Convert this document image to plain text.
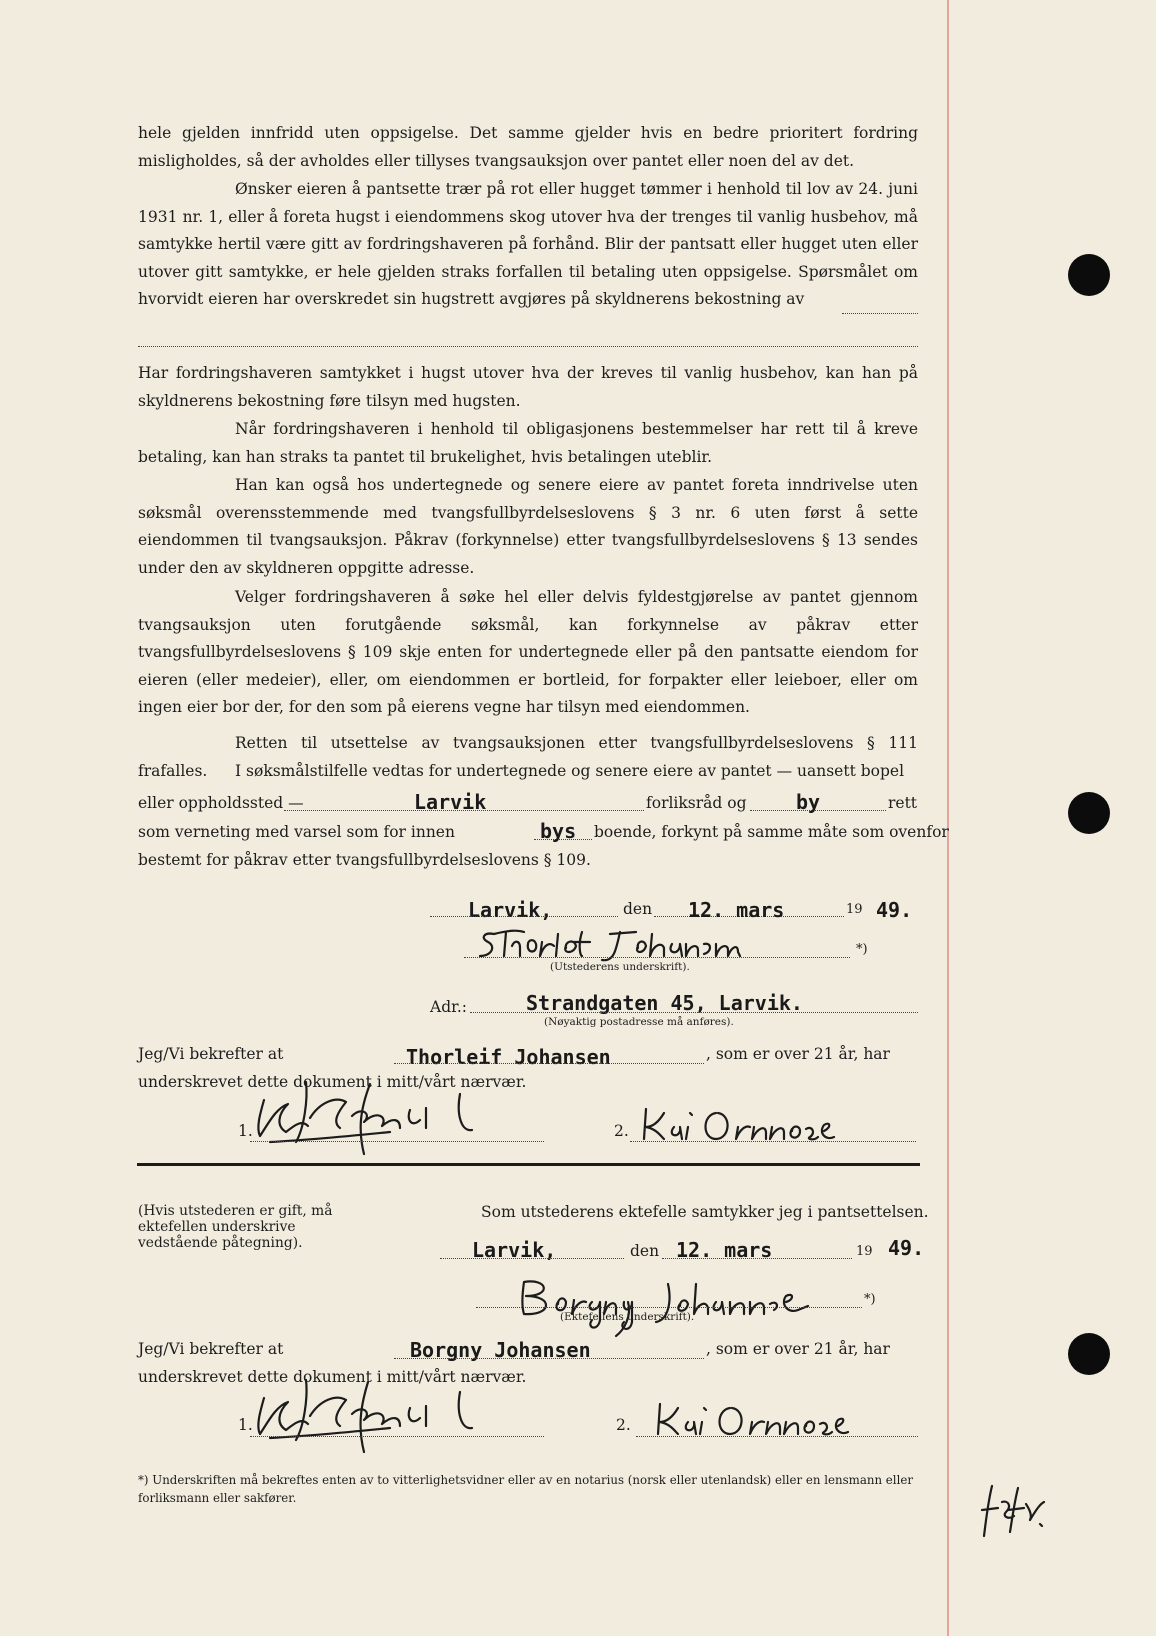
hele gjelden innfridd uten oppsigelse. Det samme gjelder hvis en bedre prioritert fordring misligholdes, så der avholdes eller tillyses tvangsauksjon over pantet eller noen del av det.
Ønsker eieren å pantsette trær på rot eller hugget tømmer i henhold til lov av 24. juni 1931 nr. 1, eller å foreta hugst i eiendommens skog utover hva der trenges til vanlig husbehov, må samtykke hertil være gitt av fordringshaveren på forhånd. Blir der pantsatt eller hugget uten eller utover gitt samtykke, er hele gjelden straks forfallen til betaling uten oppsigelse. Spørsmålet om hvorvidt eieren har overskredet sin hugstrett avgjøres på skyldnerens bekostning av
Har fordringshaveren samtykket i hugst utover hva der kreves til vanlig husbehov, kan han på skyldnerens bekostning føre tilsyn med hugsten.
Når fordringshaveren i henhold til obligasjonens bestemmelser har rett til å kreve betaling, kan han straks ta pantet til brukelighet, hvis betalingen uteblir.
Han kan også hos undertegnede og senere eiere av pantet foreta inndrivelse uten søksmål overensstemmende med tvangsfullbyrdelseslovens § 3 nr. 6 uten først å sette eiendommen til tvangsauksjon. Påkrav (forkynnelse) etter tvangsfullbyrdelseslovens § 13 sendes under den av skyldneren oppgitte adresse.
Velger fordringshaveren å søke hel eller delvis fyldestgjørelse av pantet gjennom tvangsauksjon uten forutgående søksmål, kan forkynnelse av påkrav etter tvangsfullbyrdelseslovens § 109 skje enten for undertegnede eller på den pantsatte eiendom for eieren (eller medeier), eller, om eiendommen er bortleid, for forpakter eller leieboer, eller om ingen eier bor der, for den som på eierens vegne har tilsyn med eiendommen.
Retten til utsettelse av tvangsauksjonen etter tvangsfullbyrdelseslovens § 111 frafalles.	I søksmålstilfelle vedtas for undertegnede og senere eiere av pantet — uansett bopel
eller oppholdssted —	Larvik	forliksråd og by	rett
som verneting med varsel som for innen	bys boende, forkynt på samme måte som ovenfor
bestemt for påkrav etter tvangsfullbyrdelseslovens § 109.
Larvik,	den 12. mars	19 49.
*)
(Utstederens underskrift).
Adr.:	Strandgaten 45, Larvik.
(Nøyaktig postadresse må anføres).
Jeg/Vi bekrefter at	Thorleif Johansen	, som er over 21 år, har
underskrevet dette dokument i mitt/vårt nærvær.
1.	2.
(Hvis utstederen er gift, må ektefellen underskrive vedstående påtegning).
Som utstederens ektefelle samtykker jeg i pantsettelsen.
Larvik,	den 12. mars	19 49.
*)
(Ektefellens underskrift).
Jeg/Vi bekrefter at	Borgny Johansen	, som er over 21 år, har
underskrevet dette dokument i mitt/vårt nærvær.
1.	2.
*) Underskriften må bekreftes enten av to vitterlighetsvidner eller av en notarius (norsk eller utenlandsk) eller en lensmann eller forliksmann eller sakfører.
